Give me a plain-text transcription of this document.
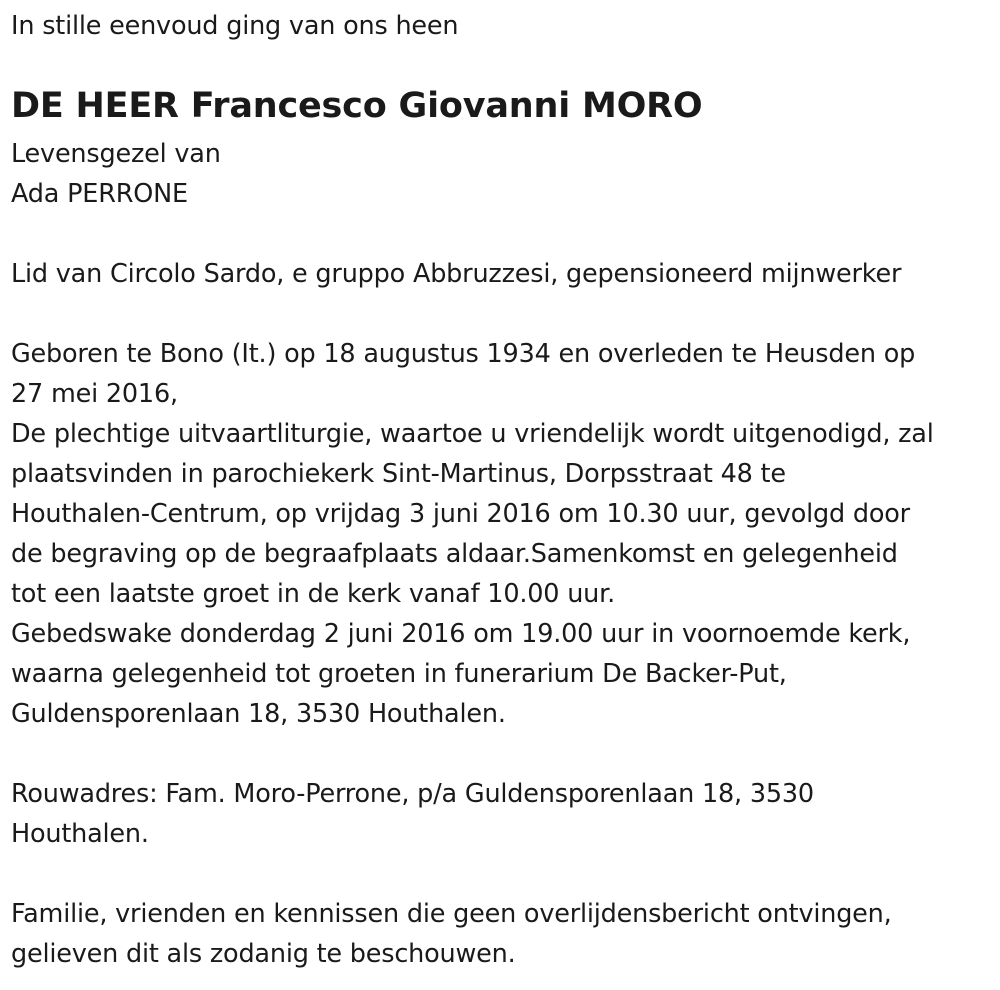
In stille eenvoud ging van ons heen
DE HEER Francesco Giovanni MORO
Levensgezel van
Ada PERRONE
Lid van Circolo Sardo, e gruppo Abbruzzesi, gepensioneerd mijnwerker
Geboren te Bono (It.) op 18 augustus 1934 en overleden te Heusden op
27 mei 2016,
De plechtige uitvaartliturgie, waartoe u vriendelijk wordt uitgenodigd, zal
plaatsvinden in parochiekerk Sint-Martinus, Dorpsstraat 48 te
Houthalen-Centrum, op vrijdag 3 juni 2016 om 10.30 uur, gevolgd door
de begraving op de begraafplaats aldaar.Samenkomst en gelegenheid
tot een laatste groet in de kerk vanaf 10.00 uur.
Gebedswake donderdag 2 juni 2016 om 19.00 uur in voornoemde kerk,
waarna gelegenheid tot groeten in funerarium De Backer-Put,
Guldensporenlaan 18, 3530 Houthalen.
Rouwadres: Fam. Moro-Perrone, p/a Guldensporenlaan 18, 3530
Houthalen.
Familie, vrienden en kennissen die geen overlijdensbericht ontvingen,
gelieven dit als zodanig te beschouwen.
